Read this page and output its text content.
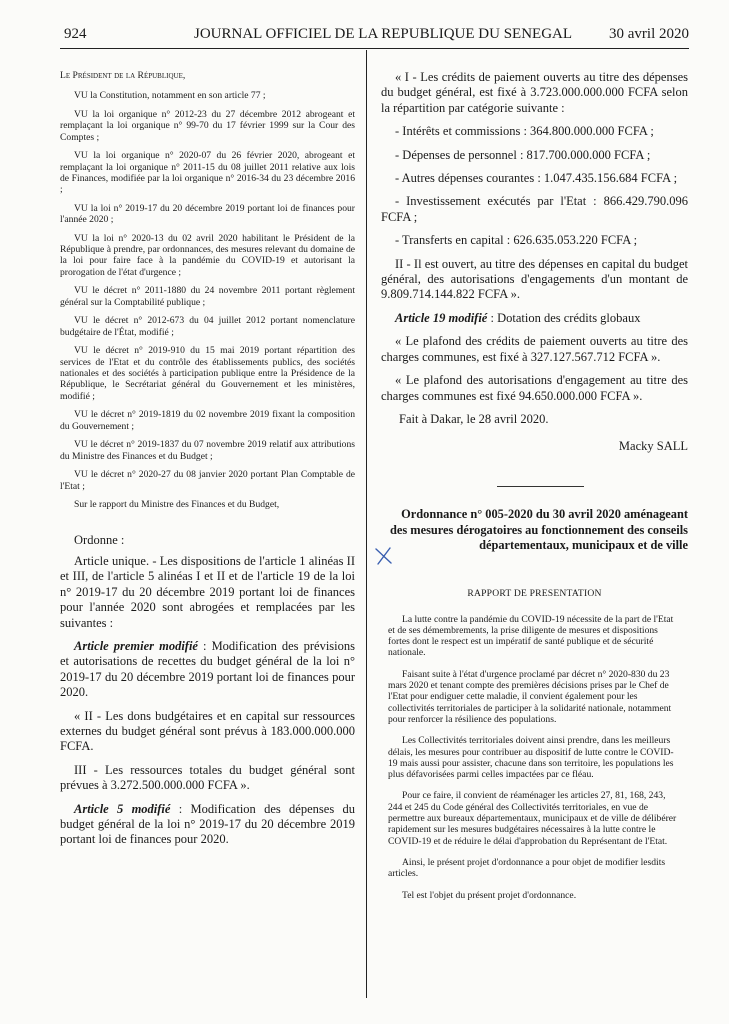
924	JOURNAL OFFICIEL DE LA REPUBLIQUE DU SENEGAL 30 avril 2020

Le Président de la République,

VU la Constitution, notamment en son article 77 ;

VU la loi organique n° 2012-23 du 27 décembre 2012 abrogeant et remplaçant la loi organique n° 99-70 du 17 février 1999 sur la Cour des Comptes ;

VU la loi organique n° 2020-07 du 26 février 2020, abrogeant et remplaçant la loi organique n° 2011-15 du 08 juillet 2011 relative aux lois de Finances, modifiée par la loi organique n° 2016-34 du 23 décembre 2016 ;

VU la loi n° 2019-17 du 20 décembre 2019 portant loi de finances pour l'année 2020 ;

VU la loi n° 2020-13 du 02 avril 2020 habilitant le Président de la République à prendre, par ordonnances, des mesures relevant du domaine de la loi pour faire face à la pandémie du COVID-19 et autorisant la prorogation de l'état d'urgence ;

VU le décret n° 2011-1880 du 24 novembre 2011 portant règlement général sur la Comptabilité publique ;

VU le décret n° 2012-673 du 04 juillet 2012 portant nomenclature budgétaire de l'État, modifié ;

VU le décret n° 2019-910 du 15 mai 2019 portant répartition des services de l'Etat et du contrôle des établissements publics, des sociétés nationales et des sociétés à participation publique entre la Présidence de la République, le Secrétariat général du Gouvernement et les ministères, modifié ;

VU le décret n° 2019-1819 du 02 novembre 2019 fixant la composition du Gouvernement ;

VU le décret n° 2019-1837 du 07 novembre 2019 relatif aux attributions du Ministre des Finances et du Budget ;

VU le décret n° 2020-27 du 08 janvier 2020 portant Plan Comptable de l'Etat ;

Sur le rapport du Ministre des Finances et du Budget,

Ordonne :

Article unique. - Les dispositions de l'article 1 alinéas II et III, de l'article 5 alinéas I et II et de l'article 19 de la loi n° 2019-17 du 20 décembre 2019 portant loi de finances pour l'année 2020 sont abrogées et remplacées par les suivantes :

Article premier modifié : Modification des prévisions et autorisations de recettes du budget général de la loi n° 2019-17 du 20 décembre 2019 portant loi de finances pour 2020.

« II - Les dons budgétaires et en capital sur ressources externes du budget général sont prévus à 183.000.000.000 FCFA.

III - Les ressources totales du budget général sont prévues à 3.272.500.000.000 FCFA ».

Article 5 modifié : Modification des dépenses du budget général de la loi n° 2019-17 du 20 décembre 2019 portant loi de finances pour 2020.

« I - Les crédits de paiement ouverts au titre des dépenses du budget général, est fixé à 3.723.000.000.000 FCFA selon la répartition par catégorie suivante :

- Intérêts et commissions : 364.800.000.000 FCFA ;

- Dépenses de personnel : 817.700.000.000 FCFA ;

- Autres dépenses courantes : 1.047.435.156.684 FCFA ;

- Investissement exécutés par l'Etat : 866.429.790.096 FCFA ;

- Transferts en capital : 626.635.053.220 FCFA ;

II - Il est ouvert, au titre des dépenses en capital du budget général, des autorisations d'engagements d'un montant de 9.809.714.144.822 FCFA ».

Article 19 modifié : Dotation des crédits globaux

« Le plafond des crédits de paiement ouverts au titre des charges communes, est fixé à 327.127.567.712 FCFA ».

« Le plafond des autorisations d'engagement au titre des charges communes est fixé 94.650.000.000 FCFA ».

Fait à Dakar, le 28 avril 2020.

Macky SALL

Ordonnance n° 005-2020 du 30 avril 2020 aménageant des mesures dérogatoires au fonctionnement des conseils départementaux, municipaux et de ville
RAPPORT DE PRESENTATION

La lutte contre la pandémie du COVID-19 nécessite de la part de l'Etat et de ses démembrements, la prise diligente de mesures et dispositions fortes dont le respect est un impératif de santé publique et de sécurité nationale.

Faisant suite à l'état d'urgence proclamé par décret n° 2020-830 du 23 mars 2020 et tenant compte des premières décisions prises par le Chef de l'Etat pour endiguer cette maladie, il convient également pour les collectivités territoriales de participer à la solidarité nationale, notamment pour renforcer la résilience des populations.

Les Collectivités territoriales doivent ainsi prendre, dans les meilleurs délais, les mesures pour contribuer au dispositif de lutte contre le COVID-19 mais aussi pour assister, chacune dans son territoire, les populations les plus défavorisées parmi celles impactées par ce fléau.

Pour ce faire, il convient de réaménager les articles 27, 81, 168, 243, 244 et 245 du Code général des Collectivités territoriales, en vue de permettre aux bureaux départementaux, municipaux et de ville de délibérer rapidement sur les mesures budgétaires nécessaires à la lutte contre le COVID-19 et de réduire le délai d'approbation du Représentant de l'Etat.

Ainsi, le présent projet d'ordonnance a pour objet de modifier lesdits articles.

Tel est l'objet du présent projet d'ordonnance.
